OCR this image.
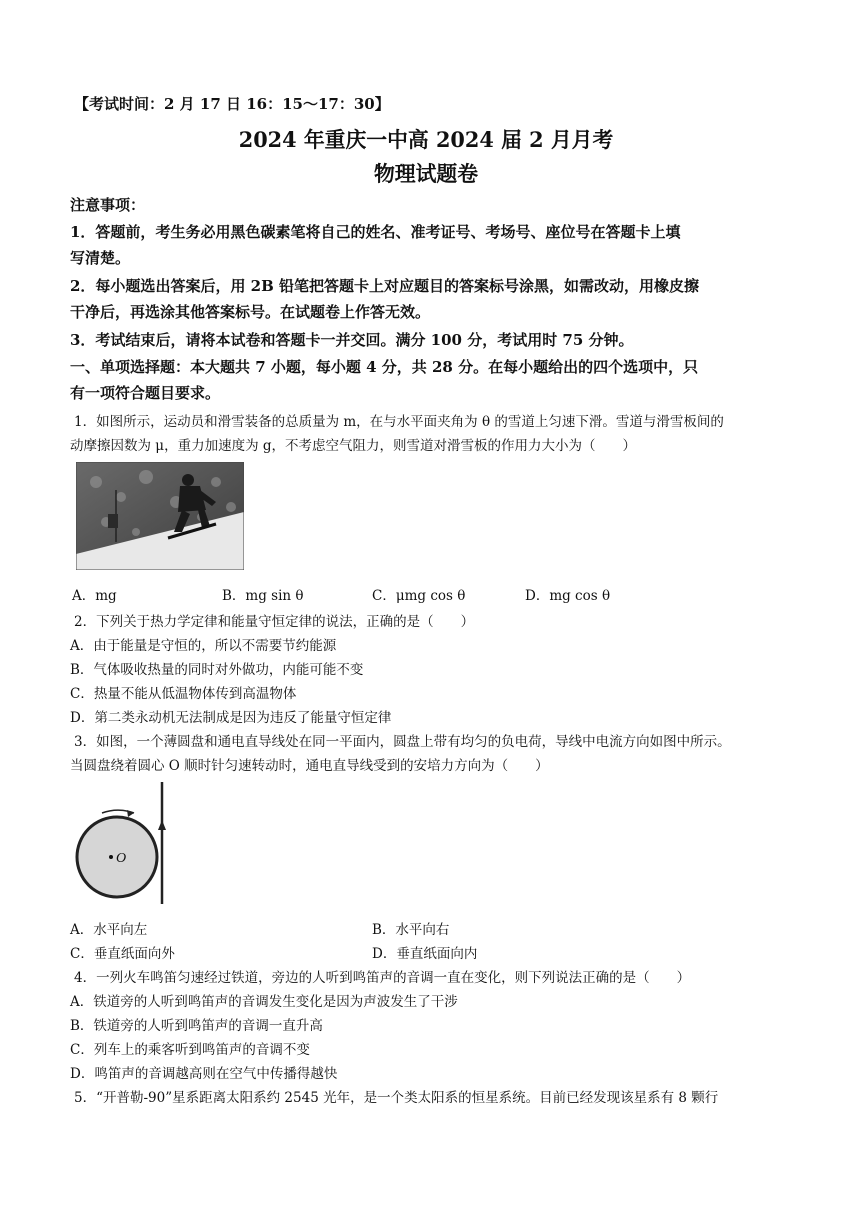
【考试时间：2 月 17 日 16：15～17：30】
2024 年重庆一中高 2024 届 2 月月考
物理试题卷
注意事项：
1．答题前，考生务必用黑色碳素笔将自己的姓名、准考证号、考场号、座位号在答题卡上填
写清楚。
2．每小题选出答案后，用 2B 铅笔把答题卡上对应题目的答案标号涂黑，如需改动，用橡皮擦
干净后，再选涂其他答案标号。在试题卷上作答无效。
3．考试结束后，请将本试卷和答题卡一并交回。满分 100 分，考试用时 75 分钟。
一、单项选择题：本大题共 7 小题，每小题 4 分，共 28 分。在每小题给出的四个选项中，只
有一项符合题目要求。
1．如图所示，运动员和滑雪装备的总质量为 m，在与水平面夹角为 θ 的雪道上匀速下滑。雪道与滑雪板间的
动摩擦因数为 μ，重力加速度为 g，不考虑空气阻力，则雪道对滑雪板的作用力大小为（　　）
A．mg	B．mg sin θ	C．μmg cos θ	D．mg cos θ
2．下列关于热力学定律和能量守恒定律的说法，正确的是（　　）
A．由于能量是守恒的，所以不需要节约能源
B．气体吸收热量的同时对外做功，内能可能不变
C．热量不能从低温物体传到高温物体
D．第二类永动机无法制成是因为违反了能量守恒定律
3．如图，一个薄圆盘和通电直导线处在同一平面内，圆盘上带有均匀的负电荷，导线中电流方向如图中所示。
当圆盘绕着圆心 O 顺时针匀速转动时，通电直导线受到的安培力方向为（　　）
O
A．水平向左	B．水平向右
C．垂直纸面向外	D．垂直纸面向内
4．一列火车鸣笛匀速经过铁道，旁边的人听到鸣笛声的音调一直在变化，则下列说法正确的是（　　）
A．铁道旁的人听到鸣笛声的音调发生变化是因为声波发生了干涉
B．铁道旁的人听到鸣笛声的音调一直升高
C．列车上的乘客听到鸣笛声的音调不变
D．鸣笛声的音调越高则在空气中传播得越快
5．“开普勒-90”星系距离太阳系约 2545 光年，是一个类太阳系的恒星系统。目前已经发现该星系有 8 颗行
